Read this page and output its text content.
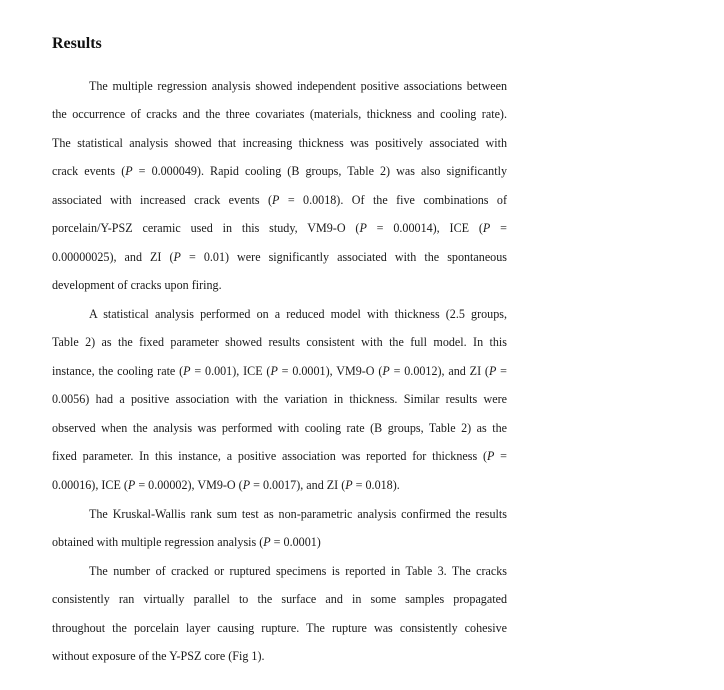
Results
The multiple regression analysis showed independent positive associations between
the occurrence of cracks and the three covariates (materials, thickness and cooling rate).
The statistical analysis showed that increasing thickness was positively associated with
crack events (P = 0.000049). Rapid cooling (B groups, Table 2) was also significantly
associated with increased crack events (P = 0.0018). Of the five combinations of
porcelain/Y-PSZ ceramic used in this study, VM9-O (P = 0.00014), ICE (P =
0.00000025), and ZI (P = 0.01) were significantly associated with the spontaneous
development of cracks upon firing.
A statistical analysis performed on a reduced model with thickness (2.5 groups,
Table 2) as the fixed parameter showed results consistent with the full model. In this
instance, the cooling rate (P = 0.001), ICE (P = 0.0001), VM9-O (P = 0.0012), and ZI (P =
0.0056) had a positive association with the variation in thickness. Similar results were
observed when the analysis was performed with cooling rate (B groups, Table 2) as the
fixed parameter. In this instance, a positive association was reported for thickness (P =
0.00016), ICE (P = 0.00002), VM9-O (P = 0.0017), and ZI (P = 0.018).
The Kruskal-Wallis rank sum test as non-parametric analysis confirmed the results
obtained with multiple regression analysis (P = 0.0001)
The number of cracked or ruptured specimens is reported in Table 3. The cracks
consistently ran virtually parallel to the surface and in some samples propagated
throughout the porcelain layer causing rupture. The rupture was consistently cohesive
without exposure of the Y-PSZ core (Fig 1).
